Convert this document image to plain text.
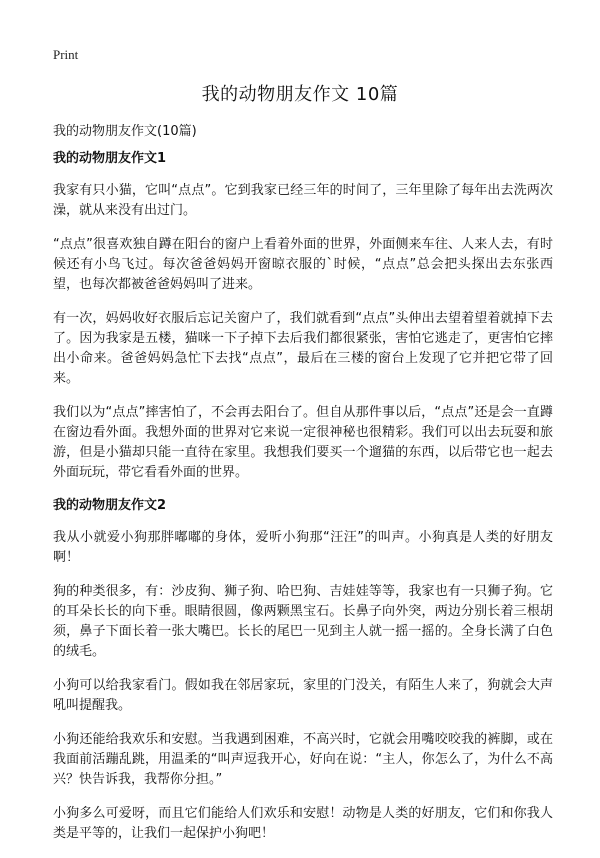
Print
我的动物朋友作文 10篇
我的动物朋友作文(10篇)
我的动物朋友作文1

我家有只小猫，它叫“点点”。它到我家已经三年的时间了，三年里除了每年出去洗两次澡，就从来没有出过门。

“点点”很喜欢独自蹲在阳台的窗户上看着外面的世界，外面侧来车往、人来人去，有时候还有小鸟飞过。每次爸爸妈妈开窗晾衣服的`时候，“点点”总会把头探出去东张西望，也每次都被爸爸妈妈叫了进来。

有一次，妈妈收好衣服后忘记关窗户了，我们就看到“点点”头伸出去望着望着就掉下去了。因为我家是五楼，猫咪一下子掉下去后我们都很紧张，害怕它逃走了，更害怕它摔出小命来。爸爸妈妈急忙下去找“点点”，最后在三楼的窗台上发现了它并把它带了回来。

我们以为“点点”摔害怕了，不会再去阳台了。但自从那件事以后，“点点”还是会一直蹲在窗边看外面。我想外面的世界对它来说一定很神秘也很精彩。我们可以出去玩耍和旅游，但是小猫却只能一直待在家里。我想我们要买一个遛猫的东西，以后带它也一起去外面玩玩，带它看看外面的世界。

我的动物朋友作文2

我从小就爱小狗那胖嘟嘟的身体，爱听小狗那“汪汪”的叫声。小狗真是人类的好朋友啊！

狗的种类很多，有：沙皮狗、狮子狗、哈巴狗、吉娃娃等等，我家也有一只狮子狗。它的耳朵长长的向下垂。眼睛很圆，像两颗黑宝石。长鼻子向外突，两边分别长着三根胡须，鼻子下面长着一张大嘴巴。长长的尾巴一见到主人就一摇一摇的。全身长满了白色的绒毛。

小狗可以给我家看门。假如我在邻居家玩，家里的门没关，有陌生人来了，狗就会大声吼叫提醒我。

小狗还能给我欢乐和安慰。当我遇到困难，不高兴时，它就会用嘴咬咬我的裤脚，或在我面前活蹦乱跳，用温柔的“叫声逗我开心，好向在说：“主人，你怎么了，为什么不高兴？快告诉我，我帮你分担。”

小狗多么可爱呀，而且它们能给人们欢乐和安慰！动物是人类的好朋友，它们和你我人类是平等的，让我们一起保护小狗吧！
